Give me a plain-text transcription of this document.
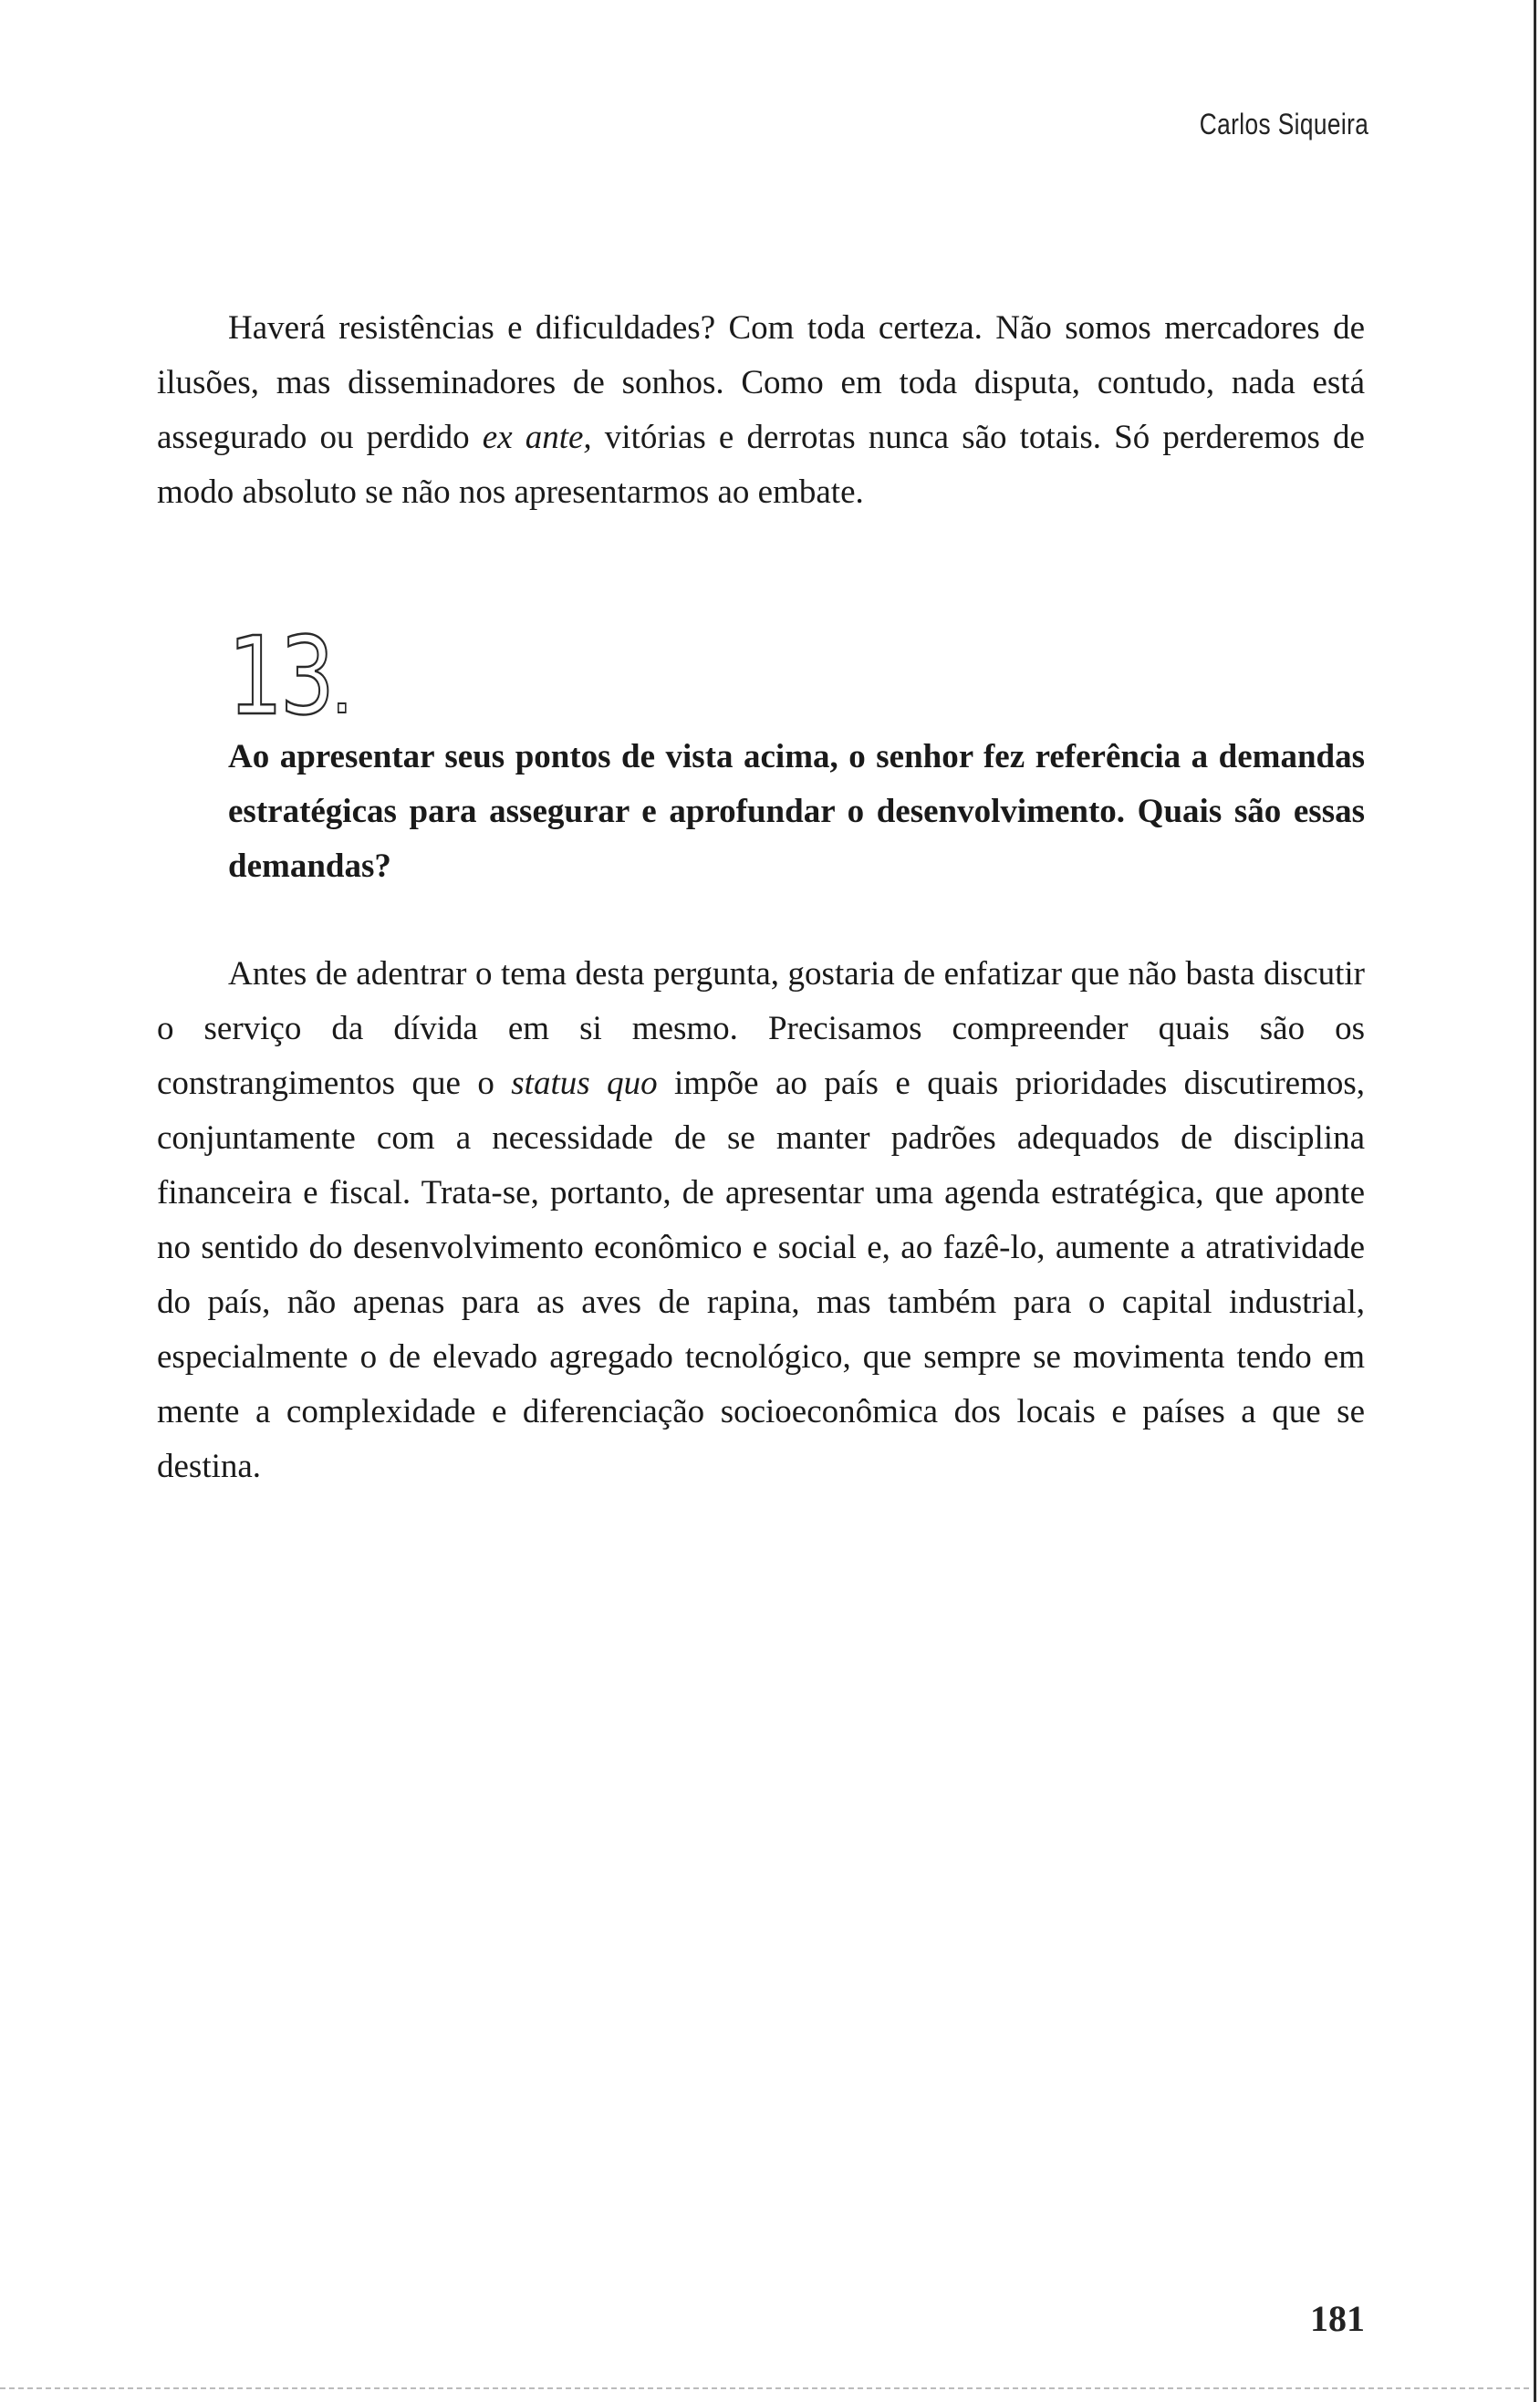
Carlos Siqueira

Haverá resistências e dificuldades? Com toda certeza. Não somos mercadores de ilusões, mas disseminadores de sonhos. Como em toda disputa, contudo, nada está assegurado ou perdido ex ante, vitórias e derrotas nunca são totais. Só perderemos de modo absoluto se não nos apresentarmos ao embate.

13

Ao apresentar seus pontos de vista acima, o senhor fez referência a demandas estratégicas para assegurar e aprofundar o desenvolvimento. Quais são essas demandas?

Antes de adentrar o tema desta pergunta, gostaria de enfatizar que não basta discutir o serviço da dívida em si mesmo. Precisamos compreender quais são os constrangimentos que o status quo impõe ao país e quais prioridades discutiremos, conjuntamente com a necessidade de se manter padrões adequados de disciplina financeira e fiscal. Trata-se, portanto, de apresentar uma agenda estratégica, que aponte no sentido do desenvolvimento econômico e social e, ao fazê-lo, aumente a atratividade do país, não apenas para as aves de rapina, mas também para o capital industrial, especialmente o de elevado agregado tecnológico, que sempre se movimenta tendo em mente a complexidade e diferenciação socioeconômica dos locais e países a que se destina.

181
